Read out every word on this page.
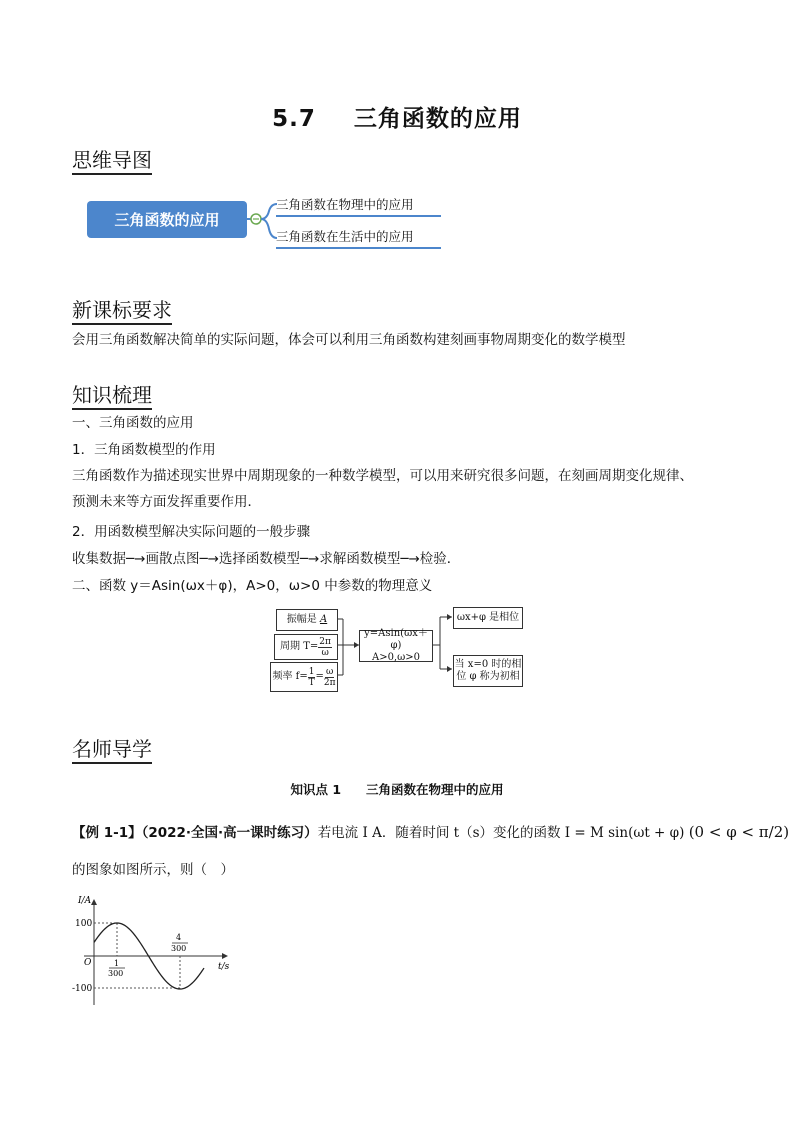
5.7 三角函数的应用
思维导图
三角函数的应用
三角函数在物理中的应用
三角函数在生活中的应用
新课标要求
会用三角函数解决简单的实际问题，体会可以利用三角函数构建刻画事物周期变化的数学模型
知识梳理
一、三角函数的应用
1．三角函数模型的作用
三角函数作为描述现实世界中周期现象的一种数学模型，可以用来研究很多问题，在刻画周期变化规律、
预测未来等方面发挥重要作用．
2．用函数模型解决实际问题的一般步骤
收集数据─→画散点图─→选择函数模型─→求解函数模型─→检验．
二、函数 y＝Asin(ωx＋φ)，A>0，ω>0 中参数的物理意义
振幅是
A
周期 $T= \frac{2\pi}{\omega}$
频率 $f= \frac{1}{T} = \frac{\omega}{2\pi}$
y=Asin(ωx＋φ)
A>0,ω>0
ωx+φ 是相位
当 x=0 时的相
位 φ 称为初相
名师导学
知识点 1　　三角函数在物理中的应用
【例 1-1】（2022·全国·高一课时练习）若电流 I A．随着时间 t（s）变化的函数 I = M sin(ωt + φ) (0 < φ < π/2)
的图象如图所示，则（　）
I/A
t/s
O
100
-100
1
300
4
300
